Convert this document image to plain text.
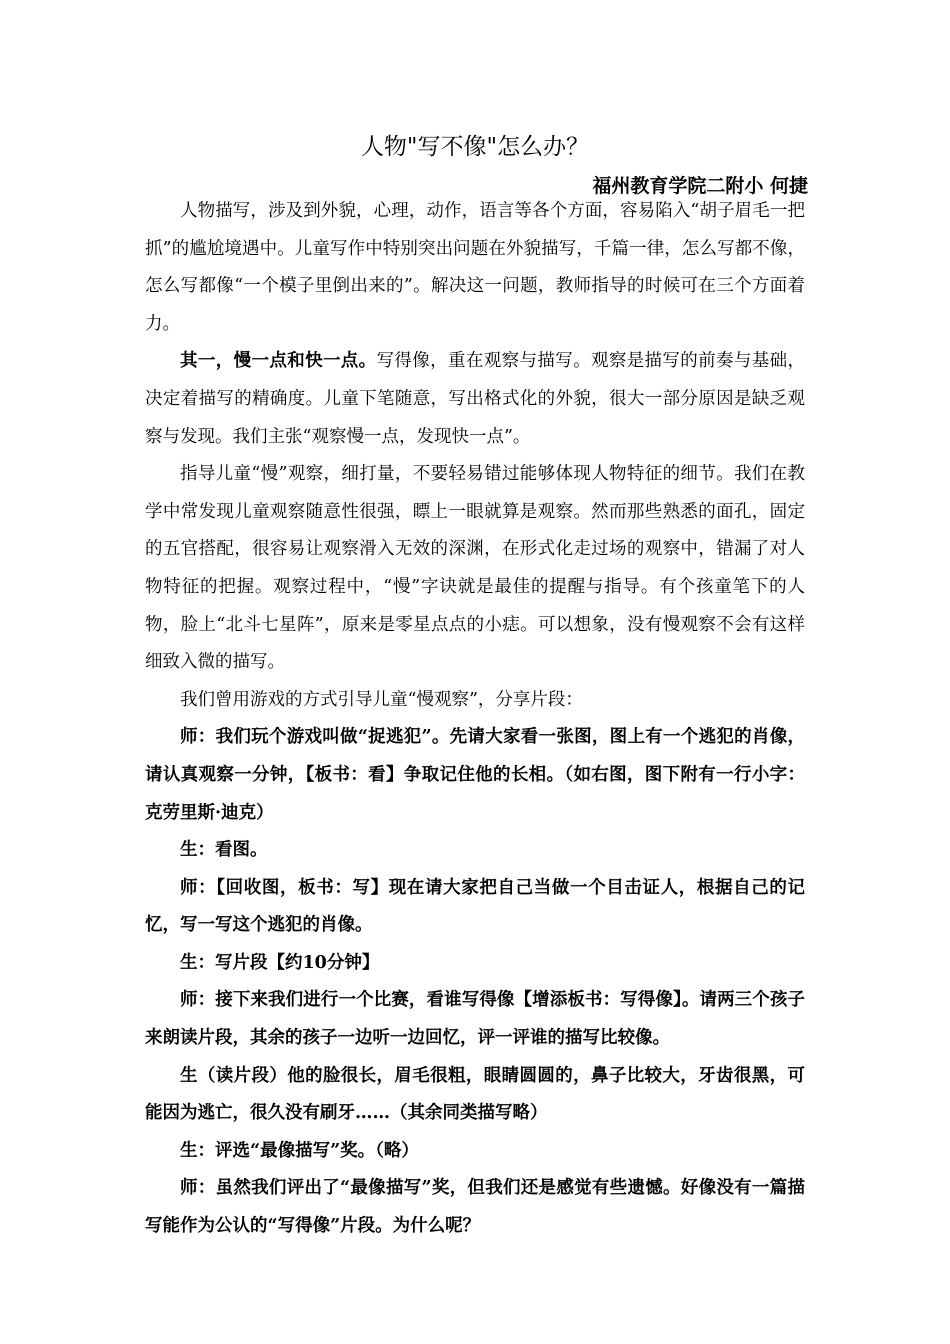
人物"写不像"怎么办？
福州教育学院二附小 何捷

人物描写，涉及到外貌，心理，动作，语言等各个方面，容易陷入“胡子眉毛一把抓”的尴尬境遇中。儿童写作中特别突出问题在外貌描写，千篇一律，怎么写都不像，怎么写都像“一个模子里倒出来的”。解决这一问题，教师指导的时候可在三个方面着力。

其一，慢一点和快一点。写得像，重在观察与描写。观察是描写的前奏与基础，决定着描写的精确度。儿童下笔随意，写出格式化的外貌，很大一部分原因是缺乏观察与发现。我们主张“观察慢一点，发现快一点”。

指导儿童“慢”观察，细打量，不要轻易错过能够体现人物特征的细节。我们在教学中常发现儿童观察随意性很强，瞟上一眼就算是观察。然而那些熟悉的面孔，固定的五官搭配，很容易让观察滑入无效的深渊，在形式化走过场的观察中，错漏了对人物特征的把握。观察过程中，“慢”字诀就是最佳的提醒与指导。有个孩童笔下的人物，脸上“北斗七星阵”，原来是零星点点的小痣。可以想象，没有慢观察不会有这样细致入微的描写。

我们曾用游戏的方式引导儿童“慢观察”，分享片段：

师：我们玩个游戏叫做“捉逃犯”。先请大家看一张图，图上有一个逃犯的肖像，请认真观察一分钟，【板书：看】争取记住他的长相。（如右图，图下附有一行小字：克劳里斯·迪克）

生：看图。

师：【回收图，板书：写】现在请大家把自己当做一个目击证人，根据自己的记忆，写一写这个逃犯的肖像。

生：写片段【约10分钟】

师：接下来我们进行一个比赛，看谁写得像【增添板书：写得像】。请两三个孩子来朗读片段，其余的孩子一边听一边回忆，评一评谁的描写比较像。

生（读片段）他的脸很长，眉毛很粗，眼睛圆圆的，鼻子比较大，牙齿很黑，可能因为逃亡，很久没有刷牙……（其余同类描写略）

生：评选“最像描写”奖。（略）

师：虽然我们评出了“最像描写”奖，但我们还是感觉有些遗憾。好像没有一篇描写能作为公认的“写得像”片段。为什么呢？
